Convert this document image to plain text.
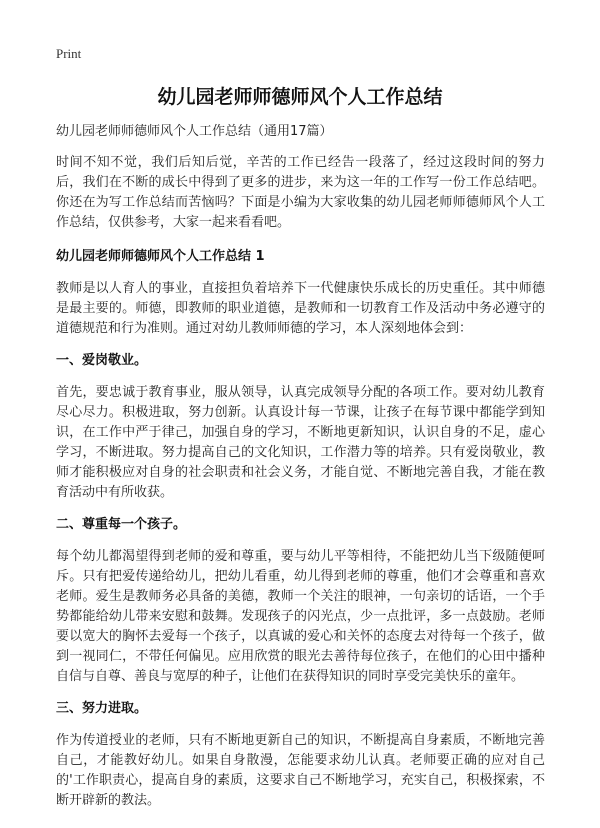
Print
幼儿园老师师德师风个人工作总结
幼儿园老师师德师风个人工作总结（通用17篇）

时间不知不觉，我们后知后觉，辛苦的工作已经告一段落了，经过这段时间的努力后，我们在不断的成长中得到了更多的进步，来为这一年的工作写一份工作总结吧。你还在为写工作总结而苦恼吗？下面是小编为大家收集的幼儿园老师师德师风个人工作总结，仅供参考，大家一起来看看吧。

幼儿园老师师德师风个人工作总结 1

教师是以人育人的事业，直接担负着培养下一代健康快乐成长的历史重任。其中师德是最主要的。师德，即教师的职业道德，是教师和一切教育工作及活动中务必遵守的道德规范和行为准则。通过对幼儿教师师德的学习，本人深刻地体会到：

一、爱岗敬业。

首先，要忠诚于教育事业，服从领导，认真完成领导分配的各项工作。要对幼儿教育尽心尽力。积极进取，努力创新。认真设计每一节课，让孩子在每节课中都能学到知识，在工作中严于律己，加强自身的学习，不断地更新知识，认识自身的不足，虚心学习，不断进取。努力提高自己的文化知识，工作潜力等的培养。只有爱岗敬业，教师才能积极应对自身的社会职责和社会义务，才能自觉、不断地完善自我，才能在教育活动中有所收获。

二、尊重每一个孩子。

每个幼儿都渴望得到老师的爱和尊重，要与幼儿平等相待，不能把幼儿当下级随便呵斥。只有把爱传递给幼儿，把幼儿看重，幼儿得到老师的尊重，他们才会尊重和喜欢老师。爱生是教师务必具备的美德，教师一个关注的眼神，一句亲切的话语，一个手势都能给幼儿带来安慰和鼓舞。发现孩子的闪光点，少一点批评，多一点鼓励。老师要以宽大的胸怀去爱每一个孩子，以真诚的爱心和关怀的态度去对待每一个孩子，做到一视同仁，不带任何偏见。应用欣赏的眼光去善待每位孩子，在他们的心田中播种自信与自尊、善良与宽厚的种子，让他们在获得知识的同时享受完美快乐的童年。

三、努力进取。

作为传道授业的老师，只有不断地更新自己的知识，不断提高自身素质，不断地完善自己，才能教好幼儿。如果自身散漫，怎能要求幼儿认真。老师要正确的应对自己的'工作职责心，提高自身的素质，这要求自己不断地学习，充实自己，积极探索，不断开辟新的教法。
